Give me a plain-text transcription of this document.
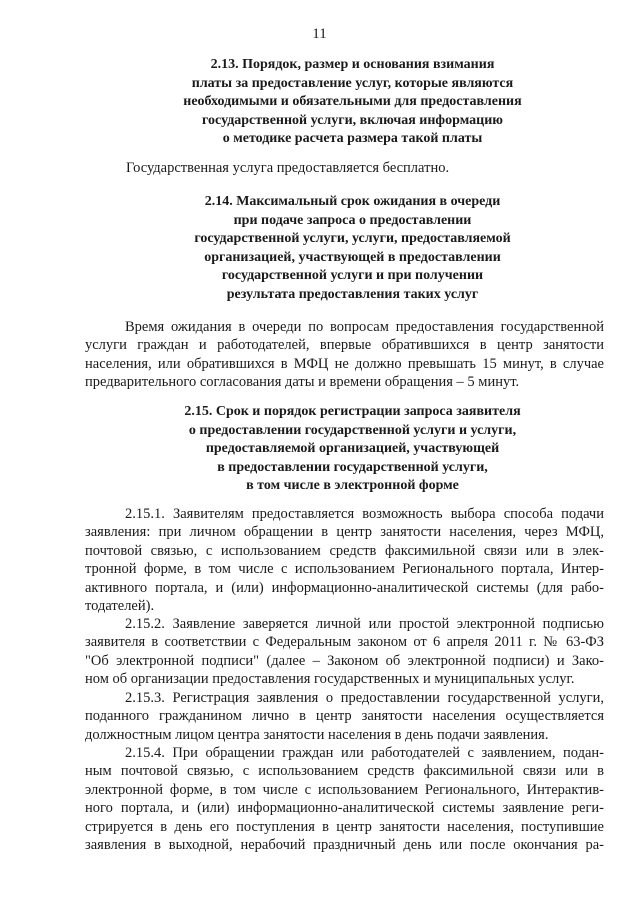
11
2.13. Порядок, размер и основания взимания
платы за предоставление услуг, которые являются
необходимыми и обязательными для предоставления
государственной услуги, включая информацию
о методике расчета размера такой платы
Государственная услуга предоставляется бесплатно.
2.14. Максимальный срок ожидания в очереди
при подаче запроса о предоставлении
государственной услуги, услуги, предоставляемой
организацией, участвующей в предоставлении
государственной услуги и при получении
результата предоставления таких услуг
Время ожидания в очереди по вопросам предоставления государственной
услуги граждан и работодателей, впервые обратившихся в центр занятости
населения, или обратившихся в МФЦ не должно превышать 15 минут, в случае
предварительного согласования даты и времени обращения – 5 минут.
2.15. Срок и порядок регистрации запроса заявителя
о предоставлении государственной услуги и услуги,
предоставляемой организацией, участвующей
в предоставлении государственной услуги,
в том числе в электронной форме
2.15.1. Заявителям предоставляется возможность выбора способа подачи
заявления: при личном обращении в центр занятости населения, через МФЦ,
почтовой связью, с использованием средств факсимильной связи или в элек-
тронной форме, в том числе с использованием Регионального портала, Интер-
активного портала, и (или) информационно-аналитической системы (для рабо-
тодателей).
2.15.2. Заявление заверяется личной или простой электронной подписью
заявителя в соответствии с Федеральным законом от 6 апреля 2011 г. № 63-ФЗ
"Об электронной подписи" (далее – Законом об электронной подписи) и Зако-
ном об организации предоставления государственных и муниципальных услуг.
2.15.3. Регистрация заявления о предоставлении государственной услуги,
поданного гражданином лично в центр занятости населения осуществляется
должностным лицом центра занятости населения в день подачи заявления.
2.15.4. При обращении граждан или работодателей с заявлением, подан-
ным почтовой связью, с использованием средств факсимильной связи или в
электронной форме, в том числе с использованием Регионального, Интерактив-
ного портала, и (или) информационно-аналитической системы заявление реги-
стрируется в день его поступления в центр занятости населения, поступившие
заявления в выходной, нерабочий праздничный день или после окончания ра-
